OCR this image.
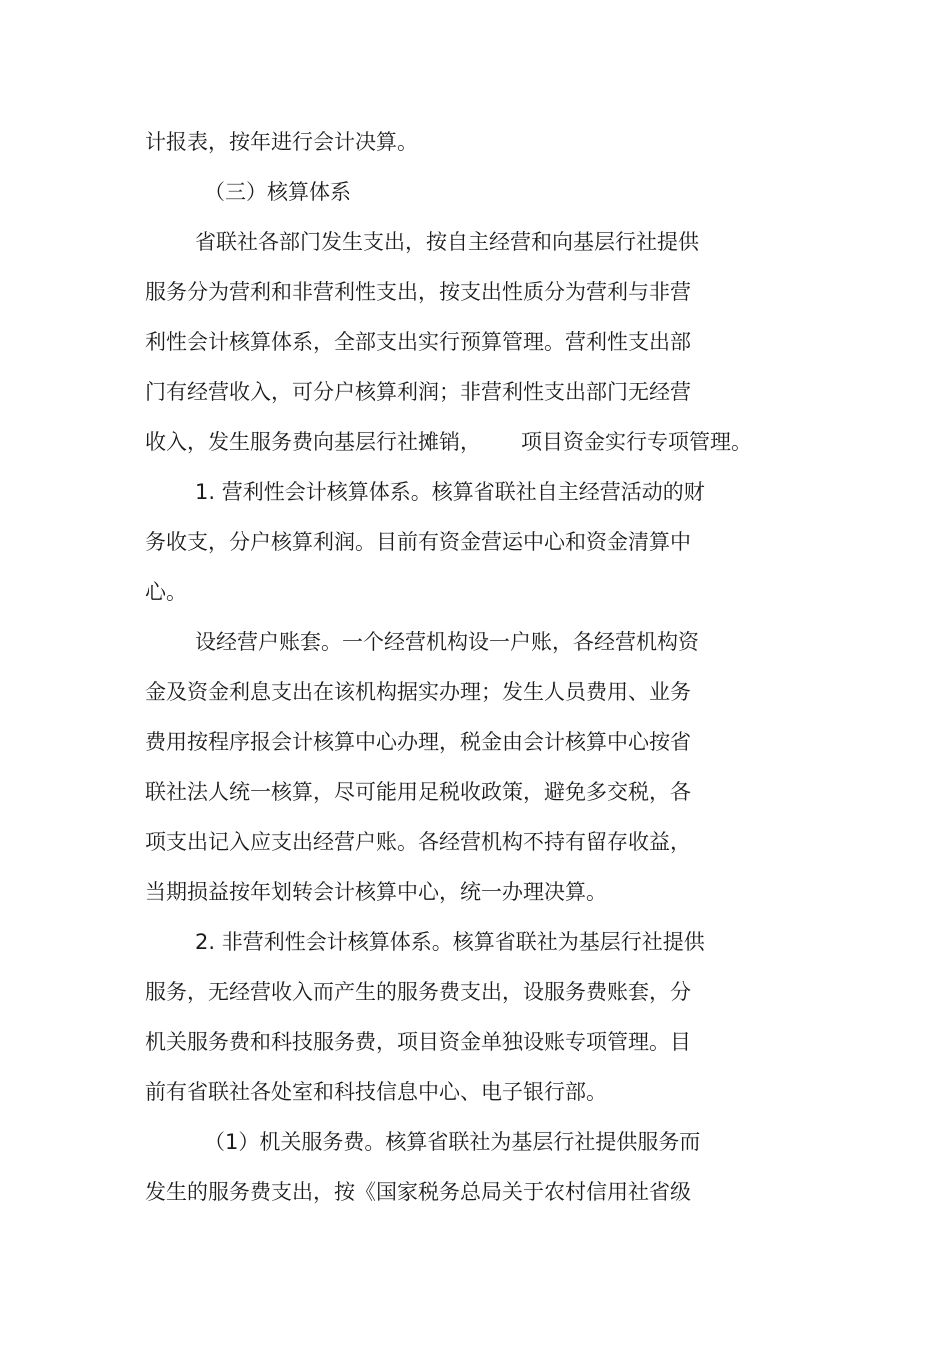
计报表，按年进行会计决算。
（三）核算体系
省联社各部门发生支出，按自主经营和向基层行社提供
服务分为营利和非营利性支出，按支出性质分为营利与非营
利性会计核算体系，全部支出实行预算管理。营利性支出部
门有经营收入，可分户核算利润；非营利性支出部门无经营
收入，发生服务费向基层行社摊销，      项目资金实行专项管理。
1. 营利性会计核算体系。核算省联社自主经营活动的财
务收支，分户核算利润。目前有资金营运中心和资金清算中
心。
设经营户账套。一个经营机构设一户账，各经营机构资
金及资金利息支出在该机构据实办理；发生人员费用、业务
费用按程序报会计核算中心办理，税金由会计核算中心按省
联社法人统一核算，尽可能用足税收政策，避免多交税，各
项支出记入应支出经营户账。各经营机构不持有留存收益，
当期损益按年划转会计核算中心，统一办理决算。
2. 非营利性会计核算体系。核算省联社为基层行社提供
服务，无经营收入而产生的服务费支出，设服务费账套，分
机关服务费和科技服务费，项目资金单独设账专项管理。目
前有省联社各处室和科技信息中心、电子银行部。
（1）机关服务费。核算省联社为基层行社提供服务而
发生的服务费支出，按《国家税务总局关于农村信用社省级
